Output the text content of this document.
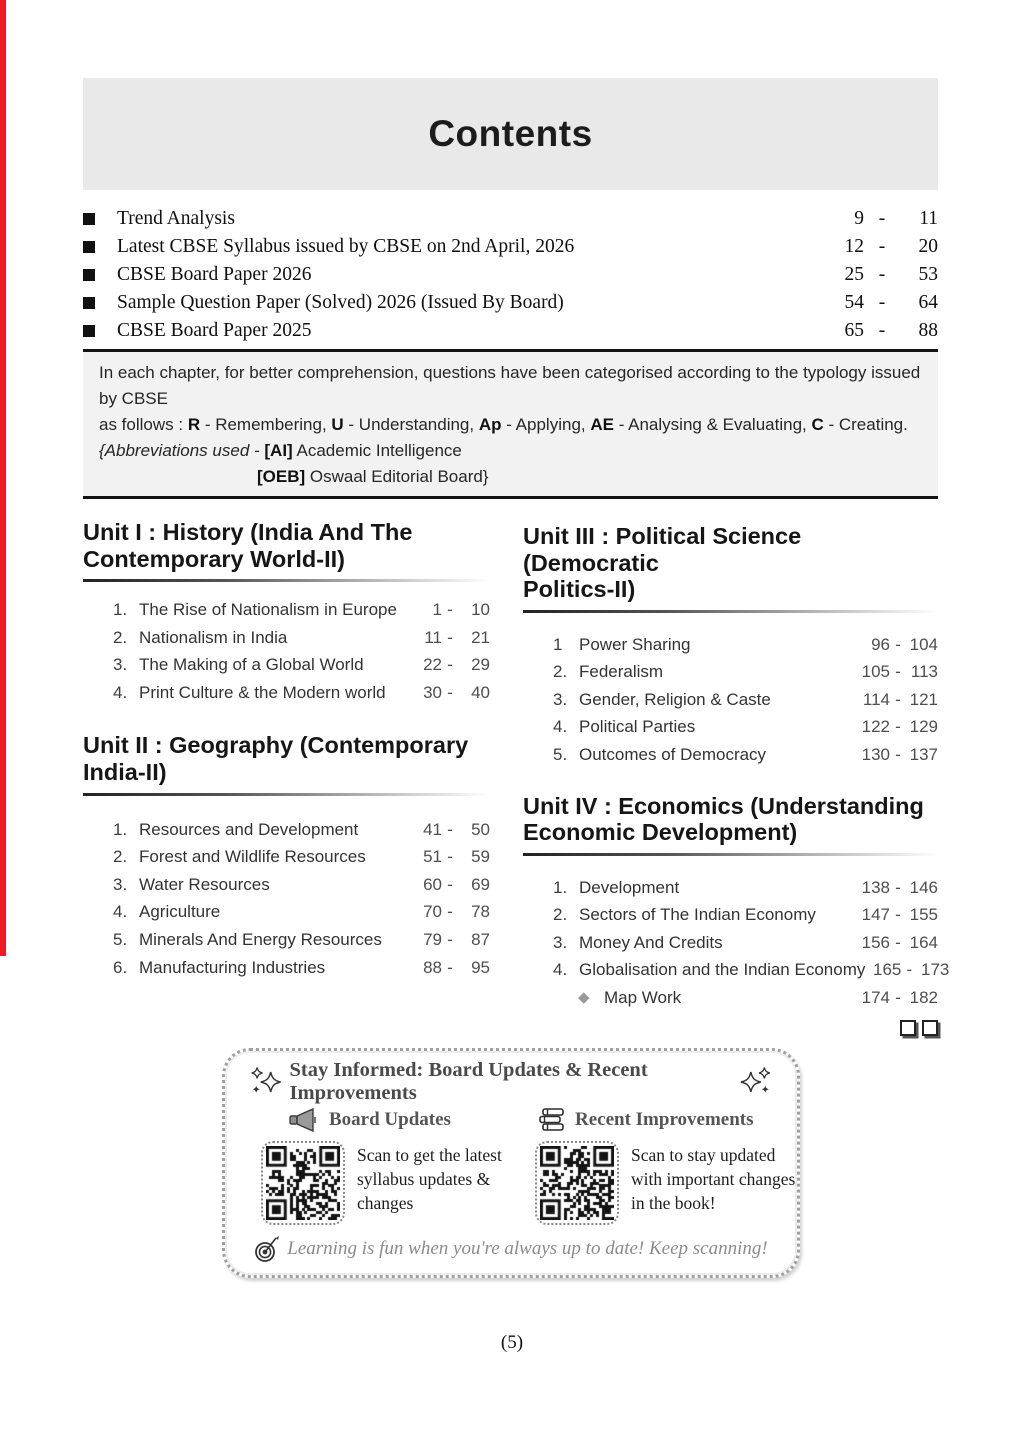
Contents
Trend Analysis	9 -	11
Latest CBSE Syllabus issued by CBSE on 2nd April, 2026	12 -	20
CBSE Board Paper 2026	25 -	53
Sample Question Paper (Solved) 2026 (Issued By Board)	54 -	64
CBSE Board Paper 2025	65 -	88
In each chapter, for better comprehension, questions have been categorised according to the typology issued by CBSE
as follows : R - Remembering, U - Understanding, Ap - Applying, AE - Analysing & Evaluating, C - Creating.
{Abbreviations used - [AI] Academic Intelligence
[OEB] Oswaal Editorial Board}
Unit I : History (India And The
Contemporary World-II)
1. The Rise of Nationalism in Europe	1 -	10
2. Nationalism in India	11 -	21
3. The Making of a Global World	22 -	29
4. Print Culture & the Modern world	30 -	40
Unit II : Geography (Contemporary
India-II)
1. Resources and Development	41 -	50
2. Forest and Wildlife Resources	51 -	59
3. Water Resources	60 -	69
4. Agriculture	70 -	78
5. Minerals And Energy Resources	79 -	87
6. Manufacturing Industries	88 -	95
Unit III : Political Science (Democratic
Politics-II)
1 Power Sharing	96 - 104
2. Federalism	105 - 113
3. Gender, Religion & Caste	114 - 121
4. Political Parties	122 - 129
5. Outcomes of Democracy	130 - 137
Unit IV : Economics (Understanding
Economic Development)
1. Development	138 - 146
2. Sectors of The Indian Economy	147 - 155
3. Money And Credits	156 - 164
4. Globalisation and the Indian Economy 165 - 173
◆ Map Work	174 - 182
Stay Informed: Board Updates & Recent Improvements
Board Updates	Recent Improvements
Scan to get the latest syllabus updates & changes
Scan to stay updated with important changes in the book!
Learning is fun when you're always up to date! Keep scanning!
(5)
